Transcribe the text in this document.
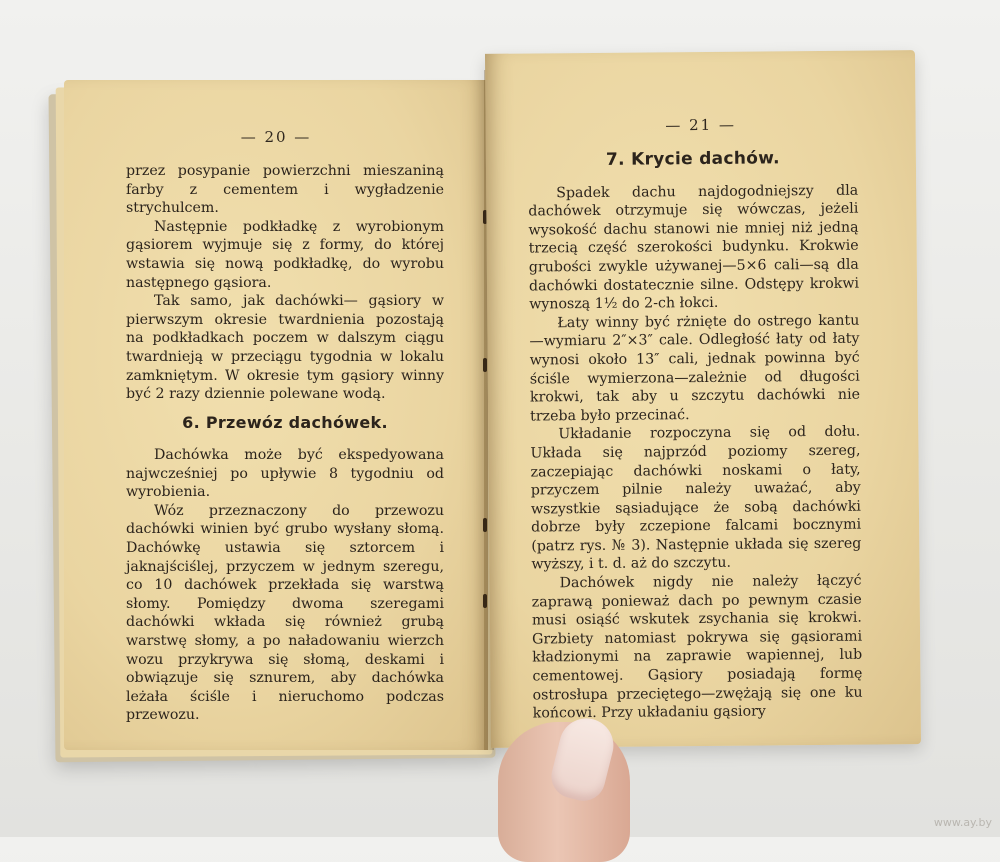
— 20 —

przez posypanie powierzchni mieszaniną farby z cementem i wygładzenie strychulcem.

Następnie podkładkę z wyrobionym gąsiorem wyjmuje się z formy, do której wstawia się nową podkładkę, do wyrobu następnego gąsiora.

Tak samo, jak dachówki— gąsiory w pierwszym okresie twardnienia pozostają na podkładkach poczem w dalszym ciągu twardnieją w przeciągu tygodnia w lokalu zamkniętym. W okresie tym gąsiory winny być 2 razy dziennie polewane wodą.

6. Przewóz dachówek.

Dachówka może być ekspedyowana najwcześniej po upływie 8 tygodniu od wyrobienia.

Wóz przeznaczony do przewozu dachówki winien być grubo wysłany słomą. Dachówkę ustawia się sztorcem i jaknajściślej, przyczem w jednym szeregu, co 10 dachówek przekłada się warstwą słomy. Pomiędzy dwoma szeregami dachówki wkłada się również grubą warstwę słomy, a po naładowaniu wierzch wozu przykrywa się słomą, deskami i obwiązuje się sznurem, aby dachówka leżała ściśle i nieruchomo podczas przewozu.

— 21 —

7. Krycie dachów.

Spadek dachu najdogodniejszy dla dachówek otrzymuje się wówczas, jeżeli wysokość dachu stanowi nie mniej niż jedną trzecią część szerokości budynku. Krokwie grubości zwykle używanej—5⨯6 cali—są dla dachówki dostatecznie silne. Odstępy krokwi wynoszą 1½ do 2-ch łokci.

Łaty winny być rżnięte do ostrego kantu—wymiaru 2″⨯3″ cale. Odległość łaty od łaty wynosi około 13″ cali, jednak powinna być ściśle wymierzona—zależnie od długości krokwi, tak aby u szczytu dachówki nie trzeba było przecinać.

Układanie rozpoczyna się od dołu. Układa się najprzód poziomy szereg, zaczepiając dachówki noskami o łaty, przyczem pilnie należy uważać, aby wszystkie sąsiadujące że sobą dachówki dobrze były zczepione falcami bocznymi (patrz rys. № 3). Następnie układa się szereg wyższy, i t. d. aż do szczytu.

Dachówek nigdy nie należy łączyć zaprawą ponieważ dach po pewnym czasie musi osiąść wskutek zsychania się krokwi. Grzbiety natomiast pokrywa się gąsiorami kładzionymi na zaprawie wapiennej, lub cementowej. Gąsiory posiadają formę ostrosłupa przeciętego—zwężają się one ku końcowi. Przy układaniu gąsiory

www.ay.by
